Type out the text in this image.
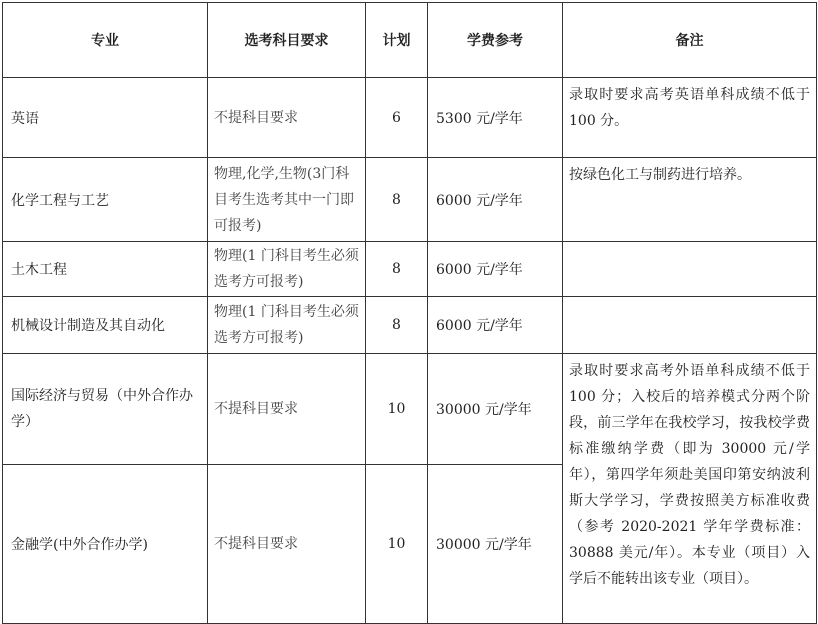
专业	选考科目要求	计划	学费参考	备注
英语	不提科目要求	6	5300 元/学年	录取时要求高考英语单科成绩不低于 100 分。
化学工程与工艺	物理,化学,生物(3门科目考生选考其中一门即可报考)	8	6000 元/学年	按绿色化工与制药进行培养。
土木工程	物理(1 门科目考生必须选考方可报考)	8	6000 元/学年	
机械设计制造及其自动化	物理(1 门科目考生必须选考方可报考)	8	6000 元/学年	
国际经济与贸易（中外合作办学）	不提科目要求	10	30000 元/学年	录取时要求高考外语单科成绩不低于 100 分；入校后的培养模式分两个阶段，前三学年在我校学习，按我校学费标准缴纳学费（即为 30000 元/学年），第四学年须赴美国印第安纳波利斯大学学习，学费按照美方标准收费（参考 2020-2021 学年学费标准：30888 美元/年）。本专业（项目）入学后不能转出该专业（项目）。
金融学(中外合作办学)	不提科目要求	10	30000 元/学年	
